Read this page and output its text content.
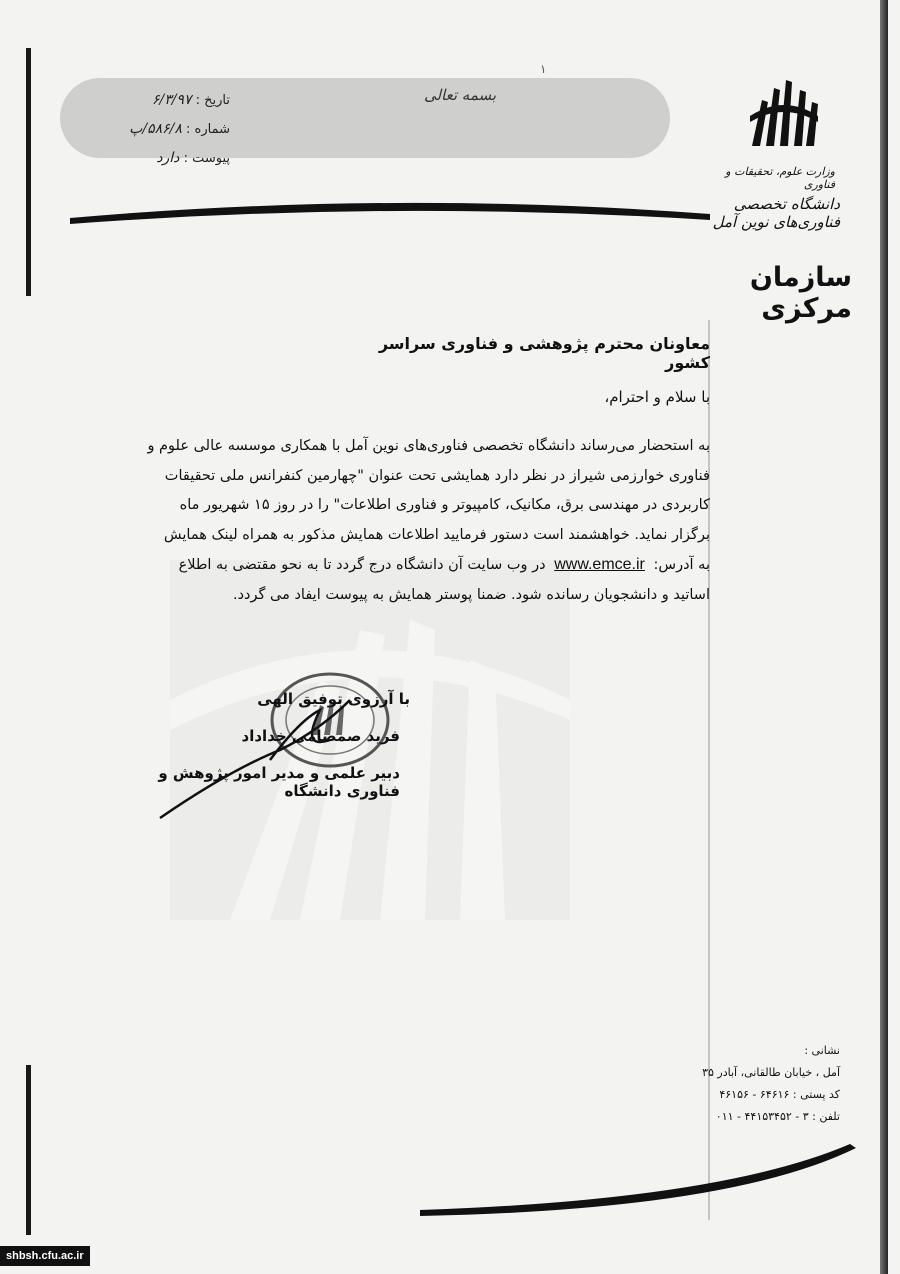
۱
بسمه تعالی
تاریخ : ۶/۳/۹۷
شماره : ۵۸۶/۸/پ
پیوست : دارد
وزارت علوم، تحقیقات و فناوری
دانشگاه تخصصی فناوری‌های نوین آمل
سازمان مرکزی
معاونان محترم پژوهشی و فناوری سراسر کشور
با سلام و احترام،
به استحضار می‌رساند دانشگاه تخصصی فناوری‌های نوین آمل با همکاری موسسه عالی علوم و
فناوری خوارزمی شیراز در نظر دارد همایشی تحت عنوان "چهارمین کنفرانس ملی تحقیقات
کاربردی در مهندسی برق، مکانیک، کامپیوتر و فناوری اطلاعات" را در روز ۱۵ شهریور ماه
برگزار نماید. خواهشمند است دستور فرمایید اطلاعات همایش مذکور به همراه لینک همایش
به آدرس: www.emce.ir در وب سایت آن دانشگاه درج گردد تا به نحو مقتضی به اطلاع
اساتید و دانشجویان رسانده شود. ضمنا پوستر همایش به پیوست ایفاد می گردد.
با آرزوی توفیق الهی
فرید صمصامی خداداد
دبیر علمی و مدیر امور پژوهش و فناوری دانشگاه
نشانی :
آمل ، خیابان طالقانی، آبادر ۳۵
کد پستی : ۶۴۶۱۶ - ۴۶۱۵۶
تلفن : ۳ - ۴۴۱۵۳۴۵۲ - ۰۱۱
shbsh.cfu.ac.ir
